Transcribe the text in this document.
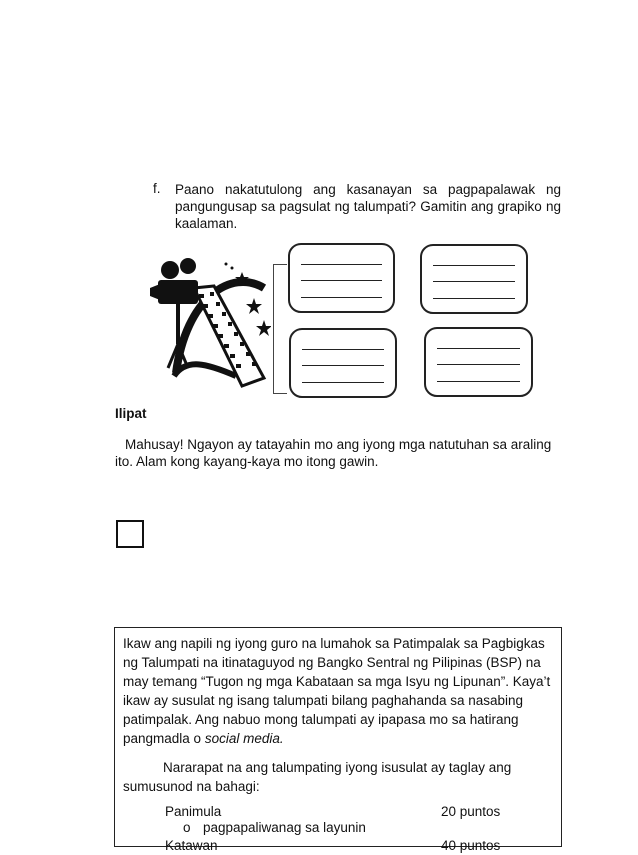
f. Paano nakatutulong ang kasanayan sa pagpapalawak ng pangungusap sa pagsulat ng talumpati? Gamitin ang grapiko ng kaalaman.
Ilipat
Mahusay! Ngayon ay tatayahin mo ang iyong mga natutuhan sa araling ito. Alam kong kayang-kaya mo itong gawin.

Ikaw ang napili ng iyong guro na lumahok sa Patimpalak sa Pagbigkas ng Talumpati na itinataguyod ng Bangko Sentral ng Pilipinas (BSP) na may temang “Tugon ng mga Kabataan sa mga Isyu ng Lipunan”. Kaya’t ikaw ay susulat ng isang talumpati bilang paghahanda sa nasabing patimpalak. Ang nabuo mong talumpati ay ipapasa mo sa hatirang pangmadla o social media.

Nararapat na ang talumpating iyong isusulat ay taglay ang sumusunod na bahagi:

Panimula	20 puntos
o pagpapaliwanag sa layunin
Katawan	40 puntos
